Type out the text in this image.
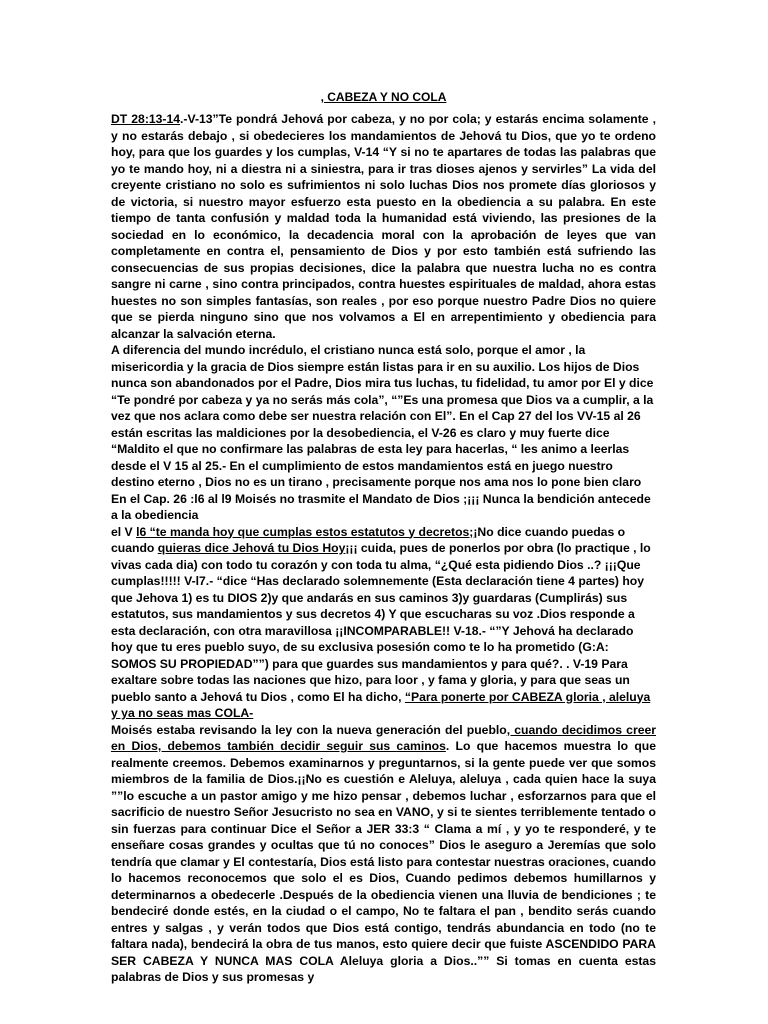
, CABEZA Y NO COLA

DT 28:13-14.-V-13”Te pondrá Jehová por cabeza, y no por cola; y estarás encima solamente , y no estarás debajo , si obedecieres los mandamientos de Jehová tu Dios, que yo te ordeno hoy, para que los guardes y los cumplas, V-14 “Y si no te apartares de todas las palabras que yo te mando hoy, ni a diestra ni a siniestra, para ir tras dioses ajenos y servirles” La vida del creyente cristiano no solo es sufrimientos ni solo luchas Dios nos promete días gloriosos y de victoria, si nuestro mayor esfuerzo esta puesto en la obediencia a su palabra. En este tiempo de tanta confusión y maldad toda la humanidad está viviendo, las presiones de la sociedad en lo económico, la decadencia moral con la aprobación de leyes que van completamente en contra el, pensamiento de Dios y por esto también está sufriendo las consecuencias de sus propias decisiones, dice la palabra que nuestra lucha no es contra sangre ni carne , sino contra principados, contra huestes espirituales de maldad, ahora estas huestes no son simples fantasías, son reales , por eso porque nuestro Padre Dios no quiere que se pierda ninguno sino que nos volvamos a El en arrepentimiento y obediencia para alcanzar la salvación eterna.

A diferencia del mundo incrédulo, el cristiano nunca está solo, porque el amor , la misericordia y la gracia de Dios siempre están listas para ir en su auxilio. Los hijos de Dios nunca son abandonados por el Padre, Dios mira tus luchas, tu fidelidad, tu amor por El y dice “Te pondré por cabeza y ya no serás más cola”, “”Es una promesa que Dios va a cumplir, a la vez que nos aclara como debe ser nuestra relación con El”. En el Cap 27 del los VV-15 al 26 están escritas las maldiciones por la desobediencia, el V-26 es claro y muy fuerte dice “Maldito el que no confirmare las palabras de esta ley para hacerlas, “ les animo a leerlas desde el V 15 al 25.- En el cumplimiento de estos mandamientos está en juego nuestro destino eterno , Dios no es un tirano , precisamente porque nos ama nos lo pone bien claro En el Cap. 26 :l6 al l9 Moisés no trasmite el Mandato de Dios ;¡¡¡ Nunca la bendición antecede a la obediencia

el V l6 “te manda hoy que cumplas estos estatutos y decretos;¡No dice cuando puedas o cuando quieras dice Jehová tu Dios Hoy¡¡¡ cuida, pues de ponerlos por obra (lo practique , lo vivas cada dia) con todo tu corazón y con toda tu alma, “¿Qué esta pidiendo Dios ..? ¡¡¡Que cumplas!!!!! V-l7.- “dice “Has declarado solemnemente (Esta declaración tiene 4 partes) hoy que Jehova 1) es tu DIOS 2)y que andarás en sus caminos 3)y guardaras (Cumplirás) sus estatutos, sus mandamientos y sus decretos 4) Y que escucharas su voz .Dios responde a esta declaración, con otra maravillosa ¡¡INCOMPARABLE!! V-18.- “”Y Jehová ha declarado hoy que tu eres pueblo suyo, de su exclusiva posesión como te lo ha prometido (G:A: SOMOS SU PROPIEDAD””) para que guardes sus mandamientos y para qué?. . V-19 Para exaltare sobre todas las naciones que hizo, para loor , y fama y gloria, y para que seas un pueblo santo a Jehová tu Dios , como El ha dicho, “Para ponerte por CABEZA gloria , aleluya y ya no seas mas COLA-

Moisés estaba revisando la ley con la nueva generación del pueblo, cuando decidimos creer en Dios, debemos también decidir seguir sus caminos. Lo que hacemos muestra lo que realmente creemos. Debemos examinarnos y preguntarnos, si la gente puede ver que somos miembros de la familia de Dios.¡¡No es cuestión e Aleluya, aleluya , cada quien hace la suya ””lo escuche a un pastor amigo y me hizo pensar , debemos luchar , esforzarnos para que el sacrificio de nuestro Señor Jesucristo no sea en VANO, y si te sientes terriblemente tentado o sin fuerzas para continuar Dice el Señor a JER 33:3 “ Clama a mí , y yo te responderé, y te enseñare cosas grandes y ocultas que tú no conoces” Dios le aseguro a Jeremías que solo tendría que clamar y El contestaría, Dios está listo para contestar nuestras oraciones, cuando lo hacemos reconocemos que solo el es Dios, Cuando pedimos debemos humillarnos y determinarnos a obedecerle .Después de la obediencia vienen una lluvia de bendiciones ; te bendeciré donde estés, en la ciudad o el campo, No te faltara el pan , bendito serás cuando entres y salgas , y verán todos que Dios está contigo, tendrás abundancia en todo (no te faltara nada), bendecirá la obra de tus manos, esto quiere decir que fuiste ASCENDIDO PARA SER CABEZA Y NUNCA MAS COLA Aleluya gloria a Dios..”” Si tomas en cuenta estas palabras de Dios y sus promesas y
